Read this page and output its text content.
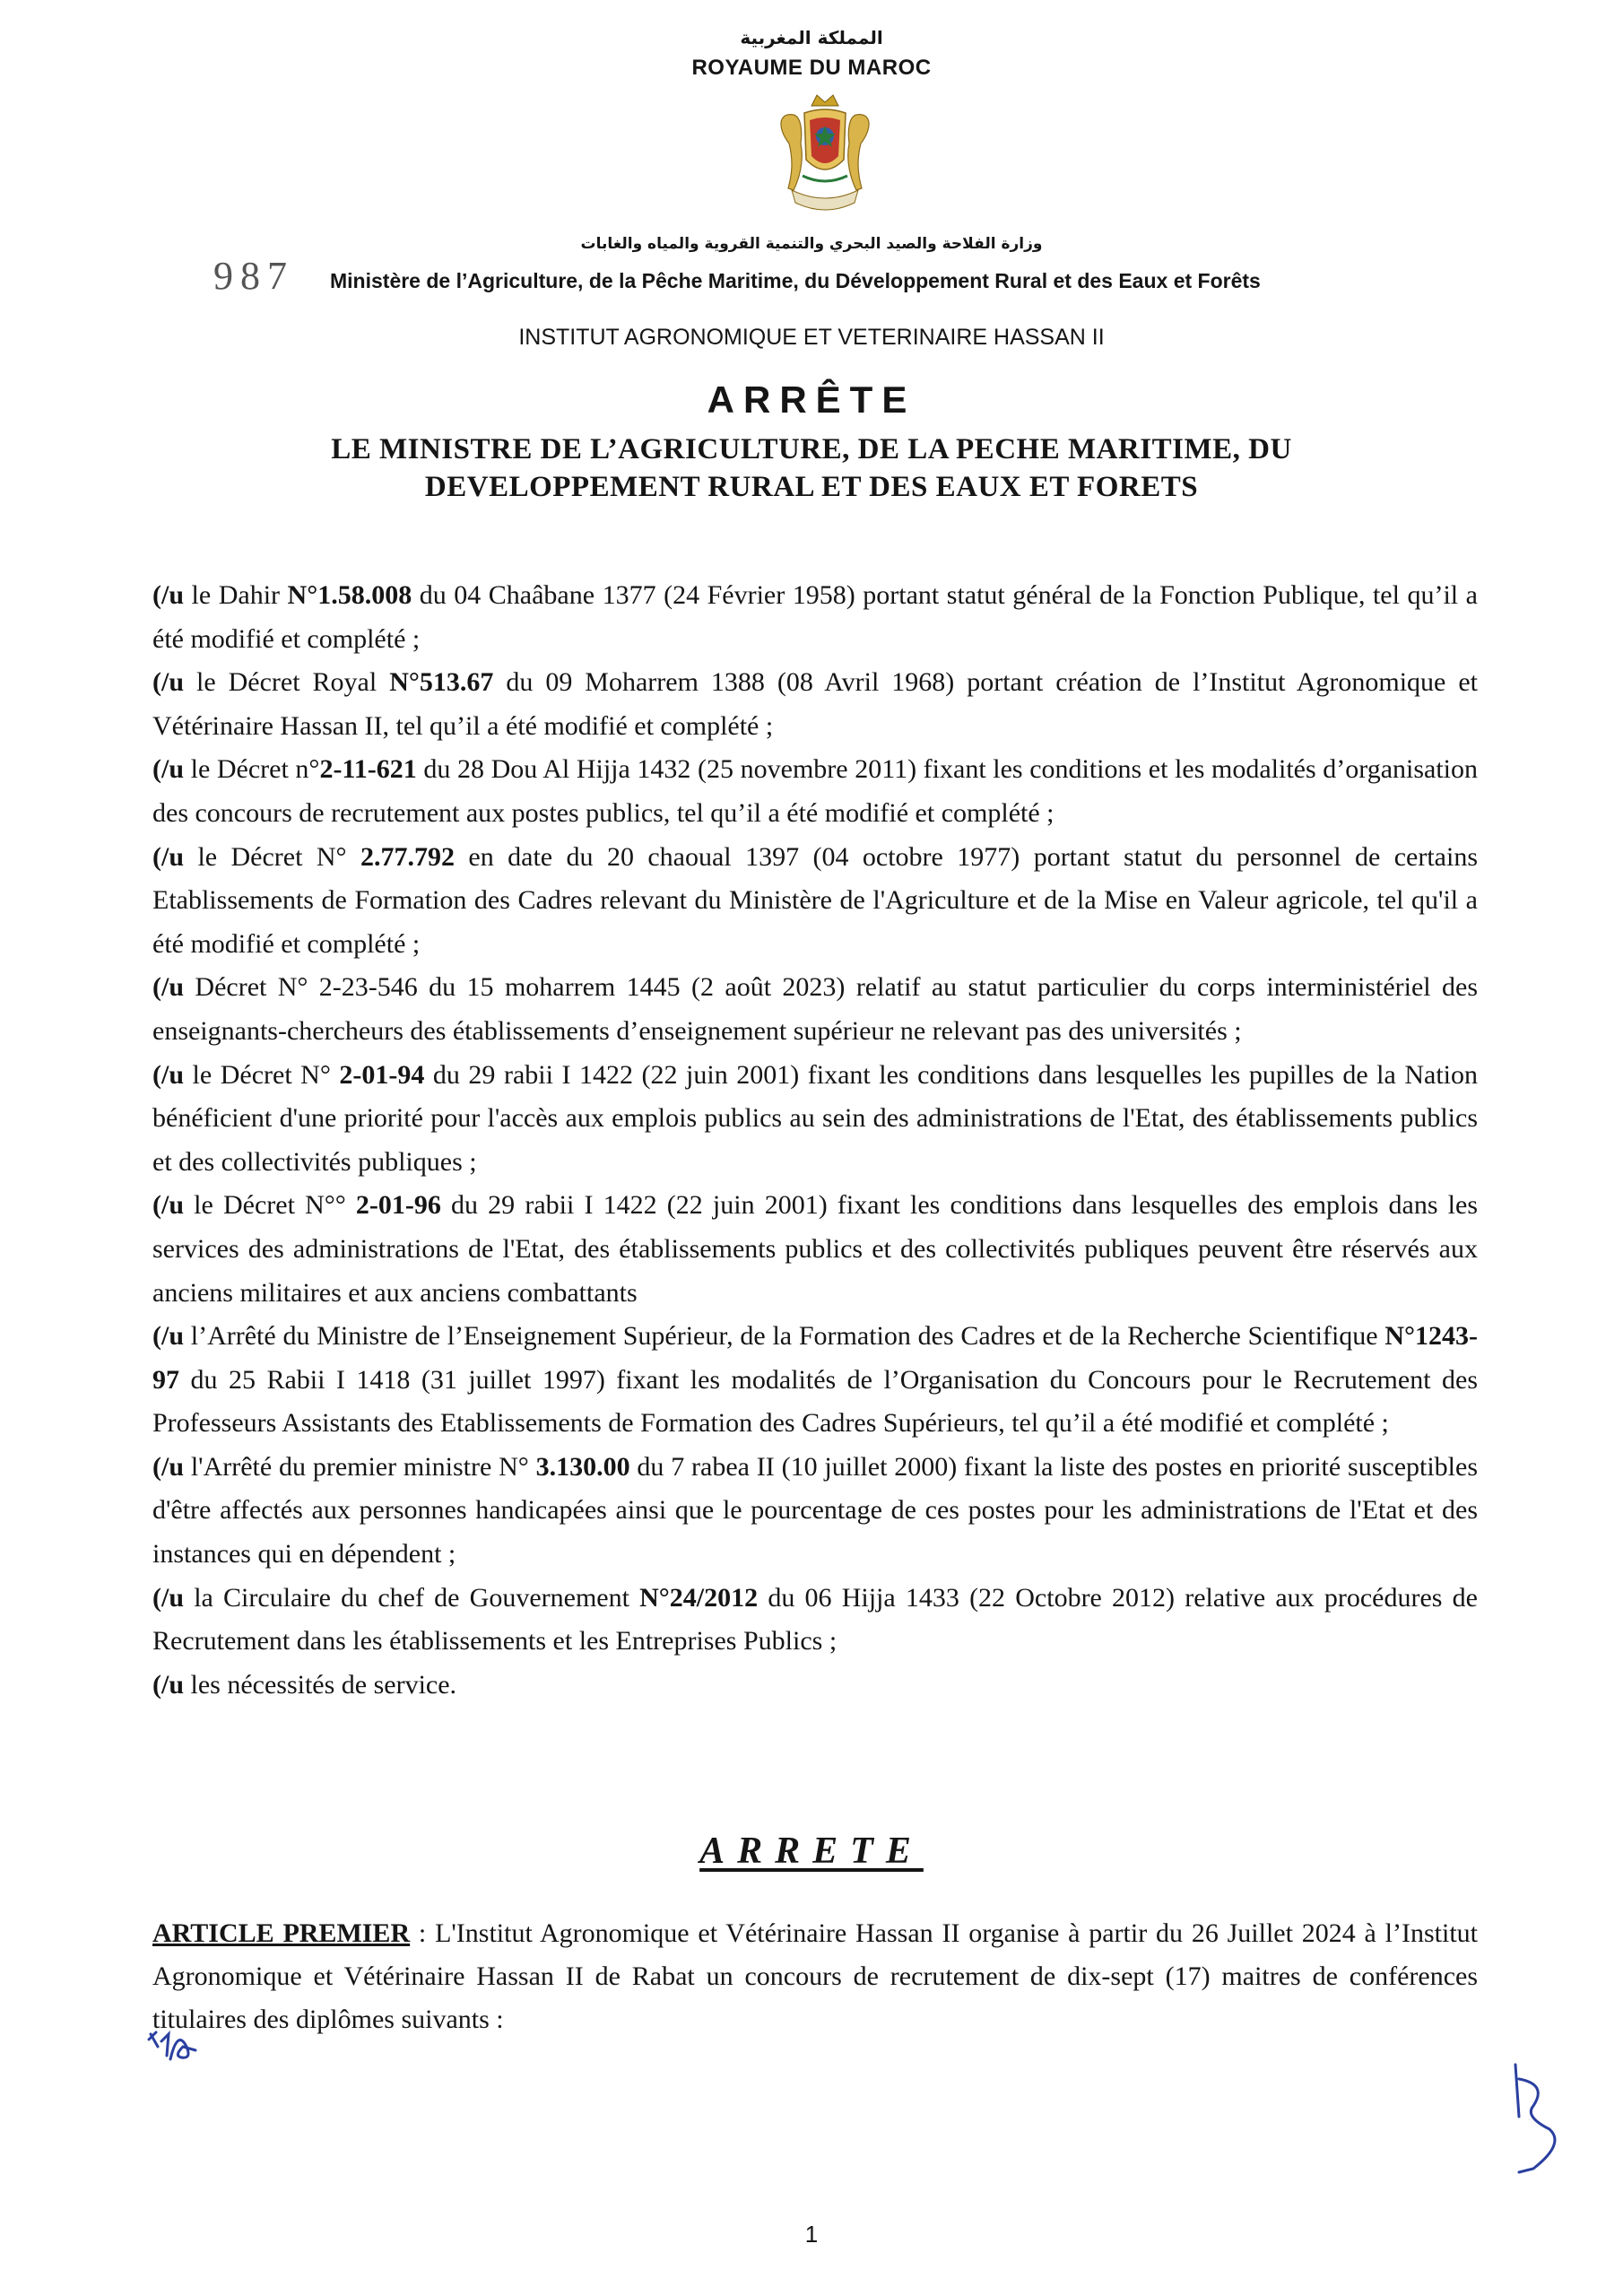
المملكة المغربية
ROYAUME DU MAROC
وزارة الفلاحة والصيد البحري والتنمية القروية والمياه والغابات
987 Ministère de l’Agriculture, de la Pêche Maritime, du Développement Rural et des Eaux et Forêts
INSTITUT AGRONOMIQUE ET VETERINAIRE HASSAN II
ARRÊTE
LE MINISTRE DE L’AGRICULTURE, DE LA PECHE MARITIME, DU
DEVELOPPEMENT RURAL ET DES EAUX ET FORETS

(/u le Dahir N°1.58.008 du 04 Chaâbane 1377 (24 Février 1958) portant statut général de la Fonction Publique, tel qu’il a été modifié et complété ;

(/u le Décret Royal N°513.67 du 09 Moharrem 1388 (08 Avril 1968) portant création de l’Institut Agronomique et Vétérinaire Hassan II, tel qu’il a été modifié et complété ;

(/u le Décret n°2-11-621 du 28 Dou Al Hijja 1432 (25 novembre 2011) fixant les conditions et les modalités d’organisation des concours de recrutement aux postes publics, tel qu’il a été modifié et complété ;

(/u le Décret N° 2.77.792 en date du 20 chaoual 1397 (04 octobre 1977) portant statut du personnel de certains Etablissements de Formation des Cadres relevant du Ministère de l'Agriculture et de la Mise en Valeur agricole, tel qu'il a été modifié et complété ;

(/u Décret N° 2-23-546 du 15 moharrem 1445 (2 août 2023) relatif au statut particulier du corps interministériel des enseignants-chercheurs des établissements d’enseignement supérieur ne relevant pas des universités ;

(/u le Décret N° 2-01-94 du 29 rabii I 1422 (22 juin 2001) fixant les conditions dans lesquelles les pupilles de la Nation bénéficient d'une priorité pour l'accès aux emplois publics au sein des administrations de l'Etat, des établissements publics et des collectivités publiques ;

(/u le Décret N°° 2-01-96 du 29 rabii I 1422 (22 juin 2001) fixant les conditions dans lesquelles des emplois dans les services des administrations de l'Etat, des établissements publics et des collectivités publiques peuvent être réservés aux anciens militaires et aux anciens combattants

(/u l’Arrêté du Ministre de l’Enseignement Supérieur, de la Formation des Cadres et de la Recherche Scientifique N°1243-97 du 25 Rabii I 1418 (31 juillet 1997) fixant les modalités de l’Organisation du Concours pour le Recrutement des Professeurs Assistants des Etablissements de Formation des Cadres Supérieurs, tel qu’il a été modifié et complété ;

(/u l'Arrêté du premier ministre N° 3.130.00 du 7 rabea II (10 juillet 2000) fixant la liste des postes en priorité susceptibles d'être affectés aux personnes handicapées ainsi que le pourcentage de ces postes pour les administrations de l'Etat et des instances qui en dépendent ;

(/u la Circulaire du chef de Gouvernement N°24/2012 du 06 Hijja 1433 (22 Octobre 2012) relative aux procédures de Recrutement dans les établissements et les Entreprises Publics ;

(/u les nécessités de service.

ARRETE
ARTICLE PREMIER : L'Institut Agronomique et Vétérinaire Hassan II organise à partir du 26 Juillet 2024 à l’Institut Agronomique et Vétérinaire Hassan II de Rabat un concours de recrutement de dix-sept (17) maitres de conférences titulaires des diplômes suivants :
1
